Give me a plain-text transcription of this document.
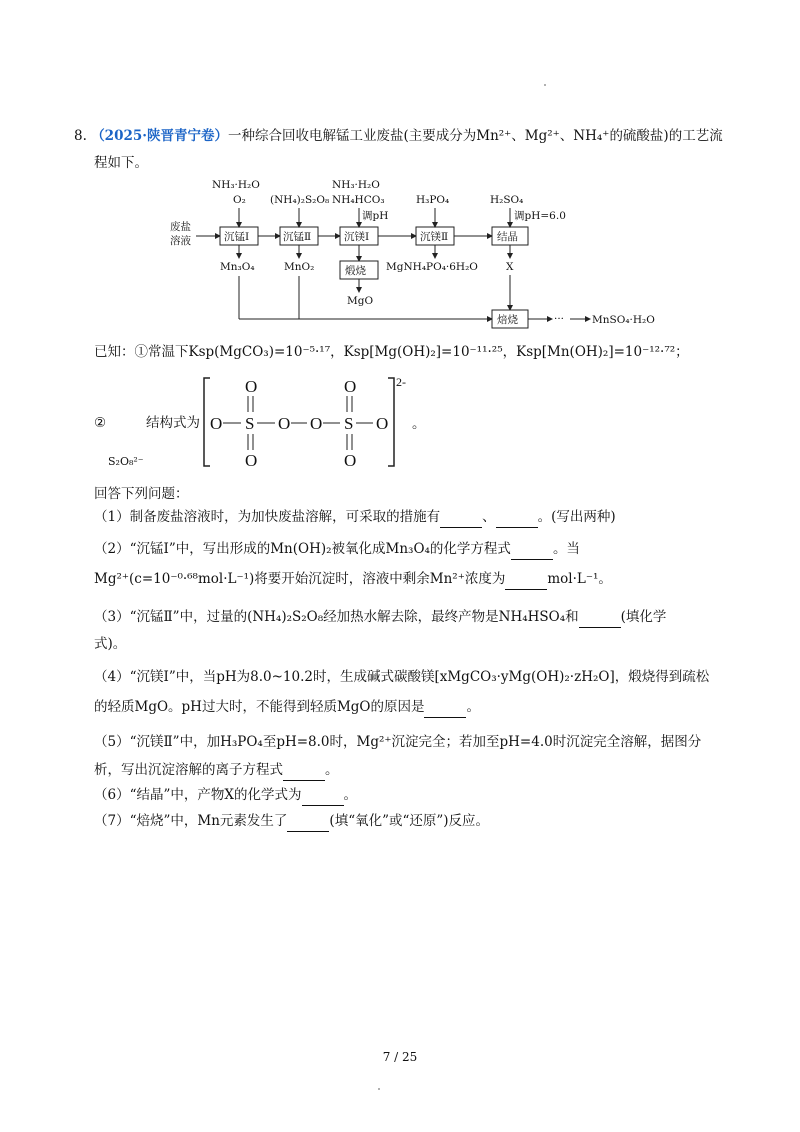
8. （2025·陕晋青宁卷）一种综合回收电解锰工业废盐(主要成分为Mn²⁺、Mg²⁺、NH₄⁺的硫酸盐)的工艺流
程如下。
废盐
溶液	沉锰Ⅰ	沉锰Ⅱ	沉镁Ⅰ	沉镁Ⅱ	结晶
NH₃·H₂O
O₂ (NH₄)₂S₂O₈
NH₃·H₂O
NH₄HCO₃
调pH
H₃PO₄	H₂SO₄
调pH=6.0
Mn₃O₄	MnO₂	煅烧
MgO
MgNH₄PO₄·6H₂O	X
焙烧	···	MnSO₄·H₂O
已知：①常温下Ksp(MgCO₃)=10⁻⁵·¹⁷，Ksp[Mg(OH)₂]=10⁻¹¹·²⁵，Ksp[Mn(OH)₂]=10⁻¹²·⁷²；
②	结构式为
S₂O₈²⁻
2-
O	O
O S O O S O
O	O
。
回答下列问题：
（1）制备废盐溶液时，为加快废盐溶解，可采取的措施有	、	。(写出两种)
（2）“沉锰Ⅰ”中，写出形成的Mn(OH)₂被氧化成Mn₃O₄的化学方程式	。当
Mg²⁺(c=10⁻⁰·⁶⁸mol·L⁻¹)将要开始沉淀时，溶液中剩余Mn²⁺浓度为	mol·L⁻¹。
（3）“沉锰Ⅱ”中，过量的(NH₄)₂S₂O₈经加热水解去除，最终产物是NH₄HSO₄和	(填化学
式)。
（4）“沉镁Ⅰ”中，当pH为8.0~10.2时，生成碱式碳酸镁[xMgCO₃·yMg(OH)₂·zH₂O]，煅烧得到疏松
的轻质MgO。pH过大时，不能得到轻质MgO的原因是	。
（5）“沉镁Ⅱ”中，加H₃PO₄至pH=8.0时，Mg²⁺沉淀完全；若加至pH=4.0时沉淀完全溶解，据图分
析，写出沉淀溶解的离子方程式	。
（6）“结晶”中，产物X的化学式为	。
（7）“焙烧”中，Mn元素发生了	(填“氧化”或“还原”)反应。
7 / 25
